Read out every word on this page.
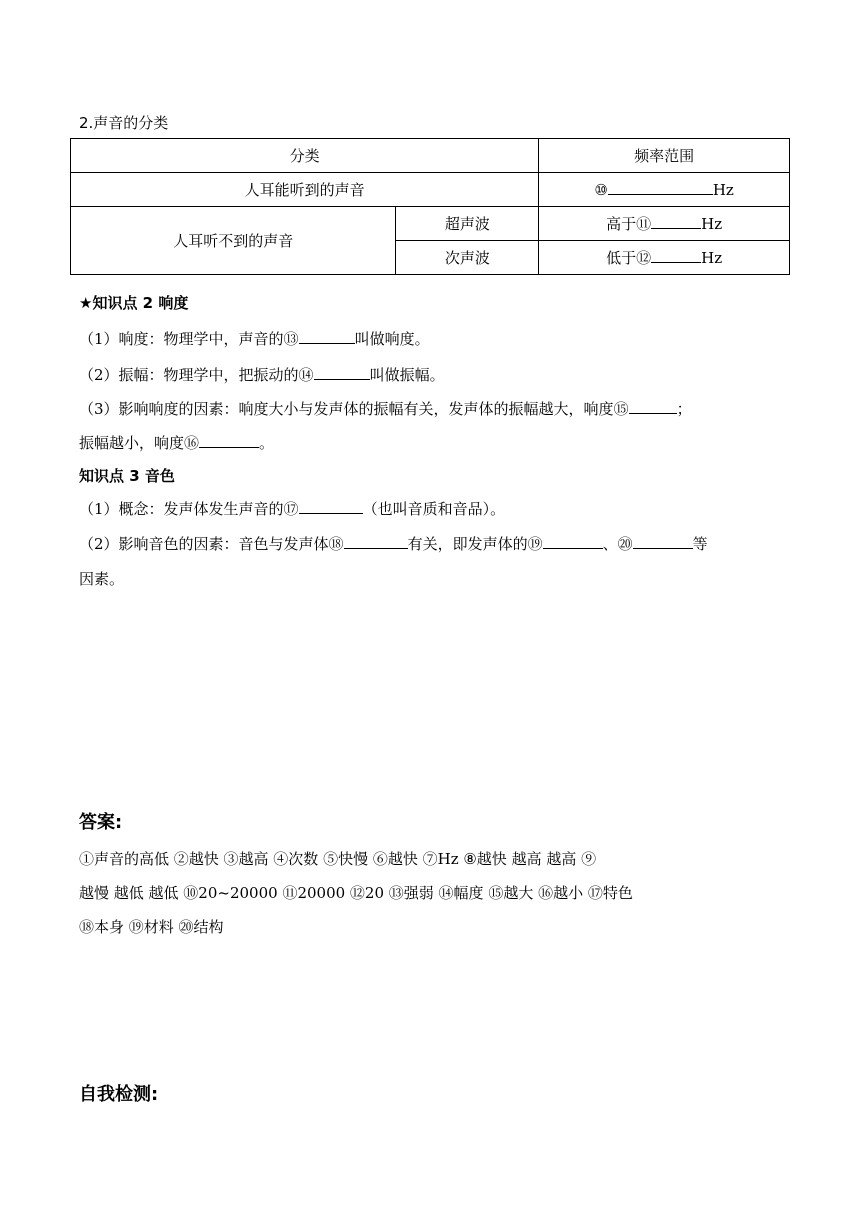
2.声音的分类
分类		频率范围
人耳能听到的声音		⑩ Hz
人耳听不到的声音	超声波	高于⑪ Hz
	次声波	低于⑫ Hz
★知识点 2 响度
（1）响度：物理学中，声音的⑬	叫做响度。
（2）振幅：物理学中，把振动的⑭	叫做振幅。
（3）影响响度的因素：响度大小与发声体的振幅有关，发声体的振幅越大，响度⑮	；
振幅越小，响度⑯	。
知识点 3 音色
（1）概念：发声体发生声音的⑰	（也叫音质和音品）。
（2）影响音色的因素：音色与发声体⑱	有关，即发声体的⑲	、⑳	等
因素。
答案:
①声音的高低 ②越快 ③越高 ④次数 ⑤快慢 ⑥越快 ⑦Hz ⑧越快 越高 越高 ⑨
越慢 越低 越低 ⑩20~20000 ⑪20000 ⑫20 ⑬强弱 ⑭幅度 ⑮越大 ⑯越小 ⑰特色
⑱本身 ⑲材料 ⑳结构
自我检测:
